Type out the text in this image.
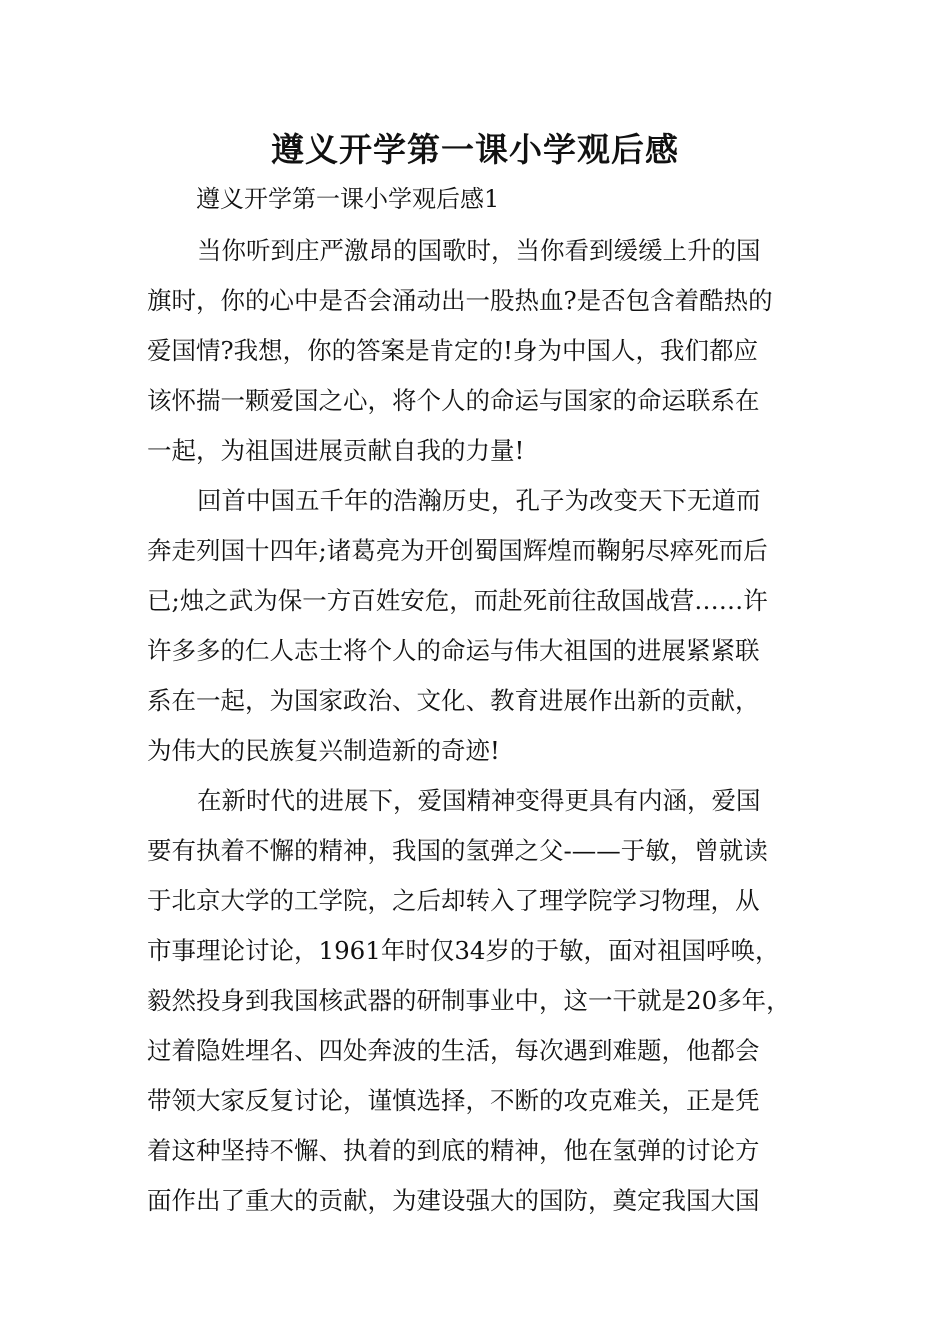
遵义开学第一课小学观后感
遵义开学第一课小学观后感1
当你听到庄严激昂的国歌时，当你看到缓缓上升的国
旗时，你的心中是否会涌动出一股热血?是否包含着酷热的
爱国情?我想，你的答案是肯定的!身为中国人，我们都应
该怀揣一颗爱国之心，将个人的命运与国家的命运联系在
一起，为祖国进展贡献自我的力量!
回首中国五千年的浩瀚历史，孔子为改变天下无道而
奔走列国十四年;诸葛亮为开创蜀国辉煌而鞠躬尽瘁死而后
已;烛之武为保一方百姓安危，而赴死前往敌国战营……许
许多多的仁人志士将个人的命运与伟大祖国的进展紧紧联
系在一起，为国家政治、文化、教育进展作出新的贡献，
为伟大的民族复兴制造新的奇迹!
在新时代的进展下，爱国精神变得更具有内涵，爱国
要有执着不懈的精神，我国的氢弹之父-——于敏，曾就读
于北京大学的工学院，之后却转入了理学院学习物理，从
市事理论讨论，1961年时仅34岁的于敏，面对祖国呼唤，
毅然投身到我国核武器的研制事业中，这一干就是20多年，
过着隐姓埋名、四处奔波的生活，每次遇到难题，他都会
带领大家反复讨论，谨慎选择，不断的攻克难关，正是凭
着这种坚持不懈、执着的到底的精神，他在氢弹的讨论方
面作出了重大的贡献，为建设强大的国防，奠定我国大国
